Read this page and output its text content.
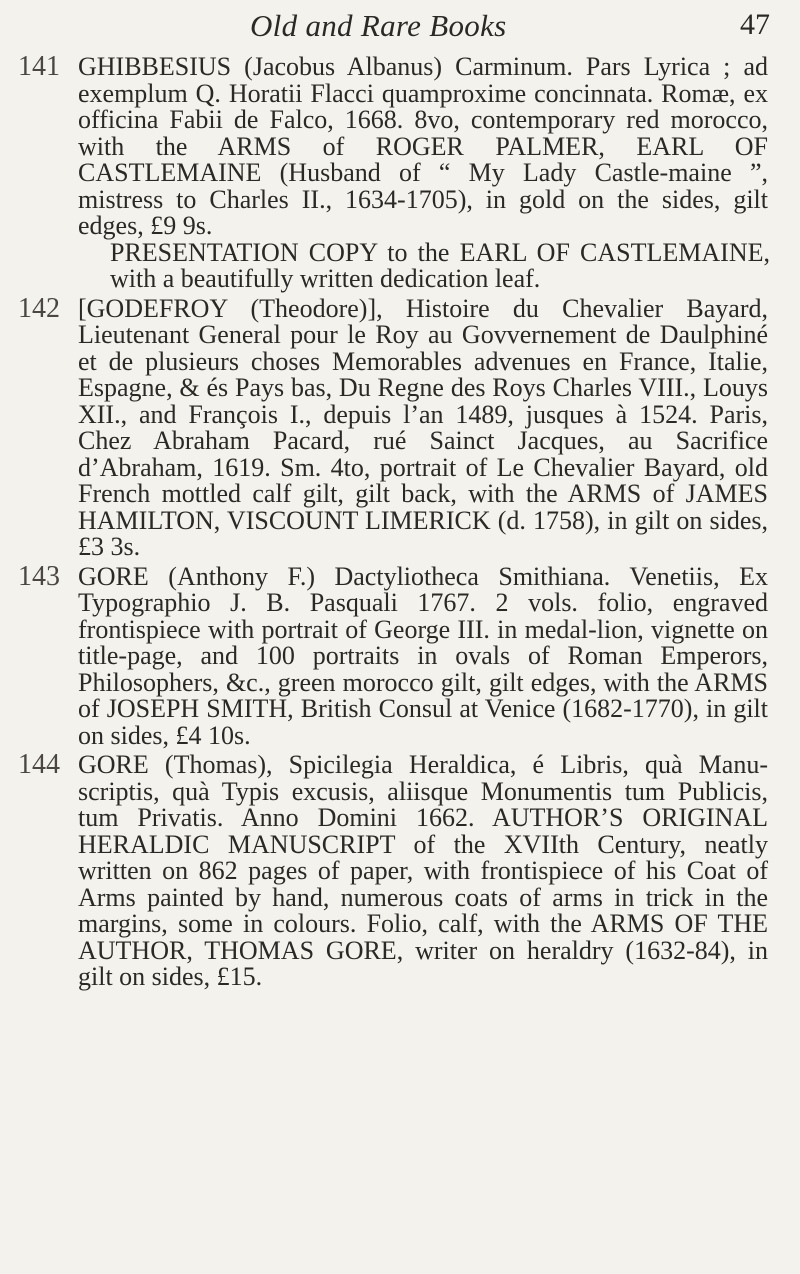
Old and Rare Books	47
141 GHIBBESIUS (Jacobus Albanus) Carminum. Pars Lyrica ; ad exemplum Q. Horatii Flacci quamproxime concinnata. Romæ, ex officina Fabii de Falco, 1668. 8vo, contemporary red morocco, with the ARMS of ROGER PALMER, EARL OF CASTLEMAINE (Husband of “ My Lady Castle-maine ”, mistress to Charles II., 1634-1705), in gold on the sides, gilt edges, £9 9s.
PRESENTATION COPY to the EARL OF CASTLEMAINE, with a beautifully written dedication leaf.
142 [GODEFROY (Theodore)], Histoire du Chevalier Bayard, Lieutenant General pour le Roy au Govvernement de Daulphiné et de plusieurs choses Memorables advenues en France, Italie, Espagne, & és Pays bas, Du Regne des Roys Charles VIII., Louys XII., and François I., depuis l’an 1489, jusques à 1524. Paris, Chez Abraham Pacard, rué Sainct Jacques, au Sacrifice d’Abraham, 1619. Sm. 4to, portrait of Le Chevalier Bayard, old French mottled calf gilt, gilt back, with the ARMS of JAMES HAMILTON, VISCOUNT LIMERICK (d. 1758), in gilt on sides, £3 3s.
143 GORE (Anthony F.) Dactyliotheca Smithiana. Venetiis, Ex Typographio J. B. Pasquali 1767. 2 vols. folio, engraved frontispiece with portrait of George III. in medal-lion, vignette on title-page, and 100 portraits in ovals of Roman Emperors, Philosophers, &c., green morocco gilt, gilt edges, with the ARMS of JOSEPH SMITH, British Consul at Venice (1682-1770), in gilt on sides, £4 10s.
144 GORE (Thomas), Spicilegia Heraldica, é Libris, quà Manu-scriptis, quà Typis excusis, aliisque Monumentis tum Publicis, tum Privatis. Anno Domini 1662. AUTHOR’S ORIGINAL HERALDIC MANUSCRIPT of the XVIIth Century, neatly written on 862 pages of paper, with frontispiece of his Coat of Arms painted by hand, numerous coats of arms in trick in the margins, some in colours. Folio, calf, with the ARMS OF THE AUTHOR, THOMAS GORE, writer on heraldry (1632-84), in gilt on sides, £15.
